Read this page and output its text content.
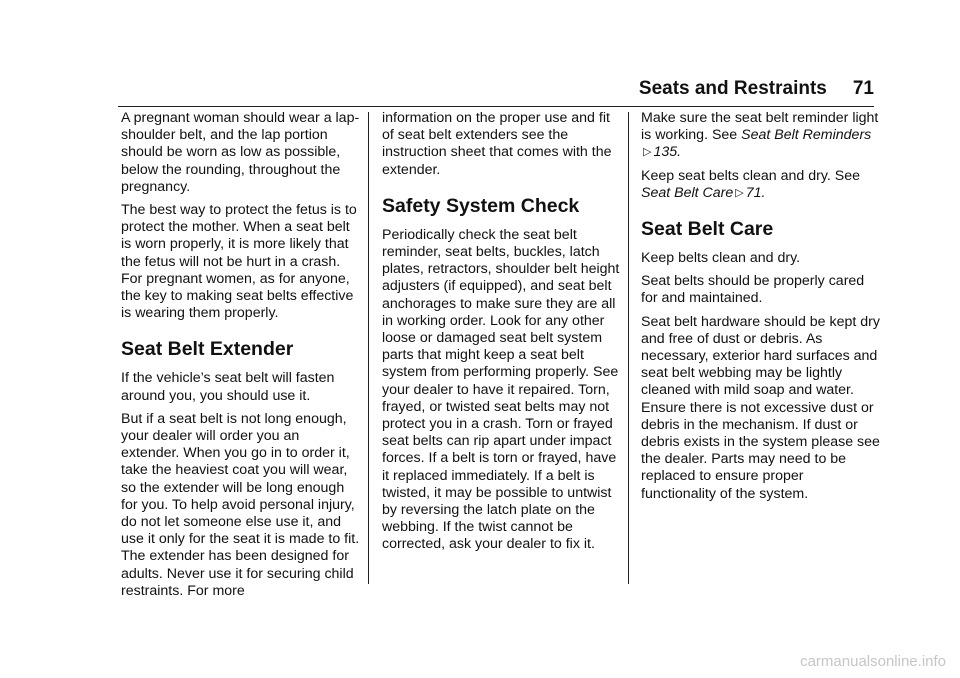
Seats and Restraints 71

A pregnant woman should wear a lap-shoulder belt, and the lap portion should be worn as low as possible, below the rounding, throughout the pregnancy.

The best way to protect the fetus is to protect the mother. When a seat belt is worn properly, it is more likely that the fetus will not be hurt in a crash. For pregnant women, as for anyone, the key to making seat belts effective is wearing them properly.

Seat Belt Extender

If the vehicle’s seat belt will fasten around you, you should use it.

But if a seat belt is not long enough, your dealer will order you an extender. When you go in to order it, take the heaviest coat you will wear, so the extender will be long enough for you. To help avoid personal injury, do not let someone else use it, and use it only for the seat it is made to fit. The extender has been designed for adults. Never use it for securing child restraints. For more

information on the proper use and fit of seat belt extenders see the instruction sheet that comes with the extender.

Safety System Check

Periodically check the seat belt reminder, seat belts, buckles, latch plates, retractors, shoulder belt height adjusters (if equipped), and seat belt anchorages to make sure they are all in working order. Look for any other loose or damaged seat belt system parts that might keep a seat belt system from performing properly. See your dealer to have it repaired. Torn, frayed, or twisted seat belts may not protect you in a crash. Torn or frayed seat belts can rip apart under impact forces. If a belt is torn or frayed, have it replaced immediately. If a belt is twisted, it may be possible to untwist by reversing the latch plate on the webbing. If the twist cannot be corrected, ask your dealer to fix it.

Make sure the seat belt reminder light is working. See Seat Belt Reminders▷ 135.

Keep seat belts clean and dry. See Seat Belt Care ▷ 71.

Seat Belt Care

Keep belts clean and dry.

Seat belts should be properly cared for and maintained.

Seat belt hardware should be kept dry and free of dust or debris. As necessary, exterior hard surfaces and seat belt webbing may be lightly cleaned with mild soap and water. Ensure there is not excessive dust or debris in the mechanism. If dust or debris exists in the system please see the dealer. Parts may need to be replaced to ensure proper functionality of the system.

carmanualsonline.info
